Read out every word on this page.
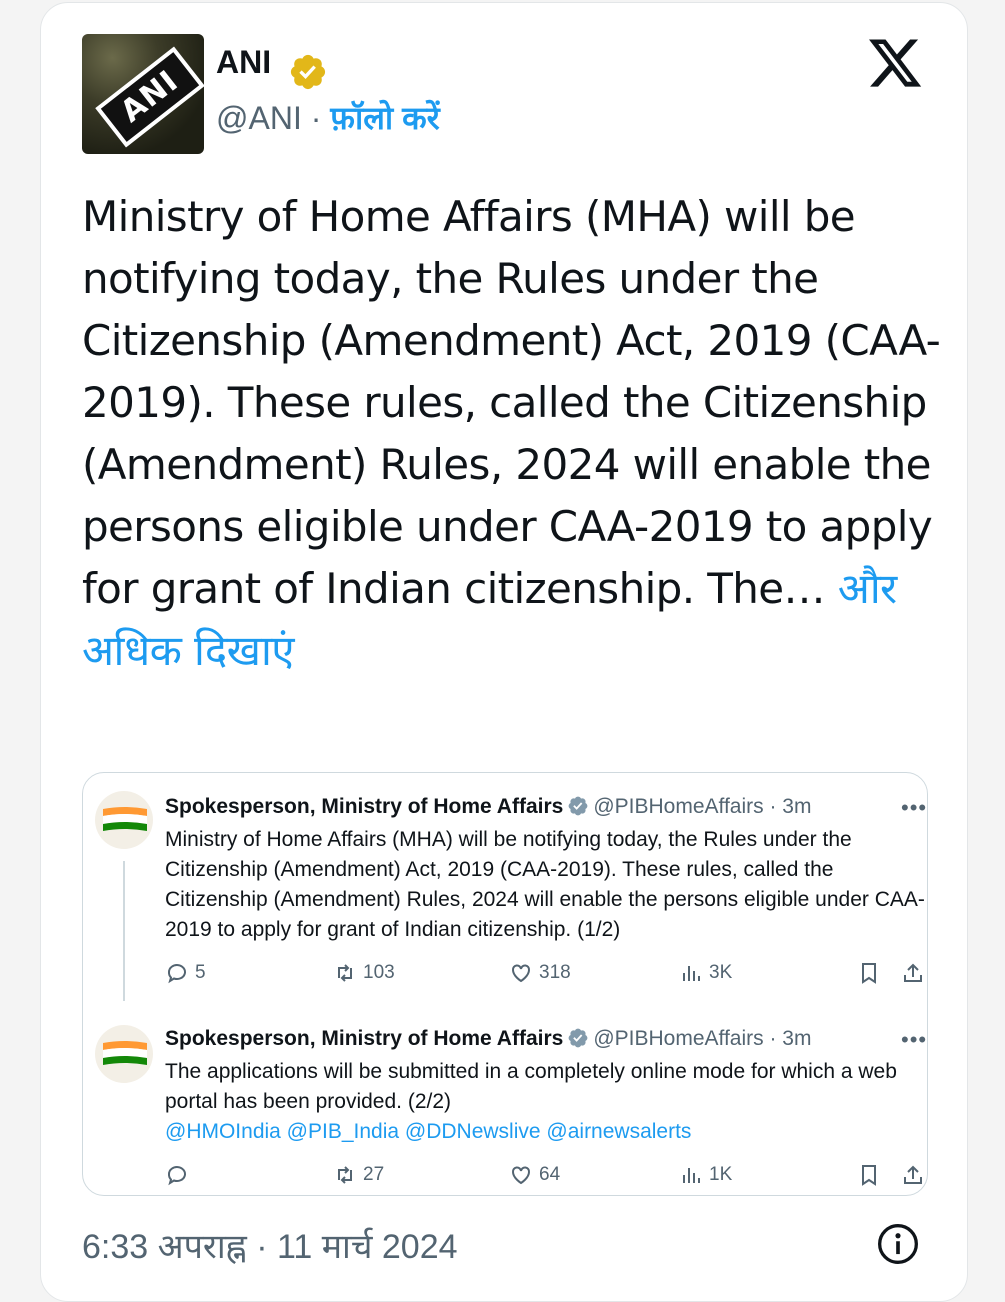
ANI
ANI
@ANI · फ़ॉलो करें
Ministry of Home Affairs (MHA) will be notifying today, the Rules under the Citizenship (Amendment) Act, 2019 (CAA-2019). These rules, called the Citizenship (Amendment) Rules, 2024 will enable the persons eligible under CAA-2019 to apply for grant of Indian citizenship. The… और अधिक दिखाएं
Spokesperson, Ministry of Home Affairs @PIBHomeAffairs · 3m	•••
Ministry of Home Affairs (MHA) will be notifying today, the Rules under the Citizenship (Amendment) Act, 2019 (CAA-2019). These rules, called the Citizenship (Amendment) Rules, 2024 will enable the persons eligible under CAA-2019 to apply for grant of Indian citizenship. (1/2)
5	103	318	3K
Spokesperson, Ministry of Home Affairs @PIBHomeAffairs · 3m	•••
The applications will be submitted in a completely online mode for which a web portal has been provided. (2/2)
@HMOIndia @PIB_India @DDNewslive @airnewsalerts
27	64	1K
6:33 अपराह्न · 11 मार्च 2024
